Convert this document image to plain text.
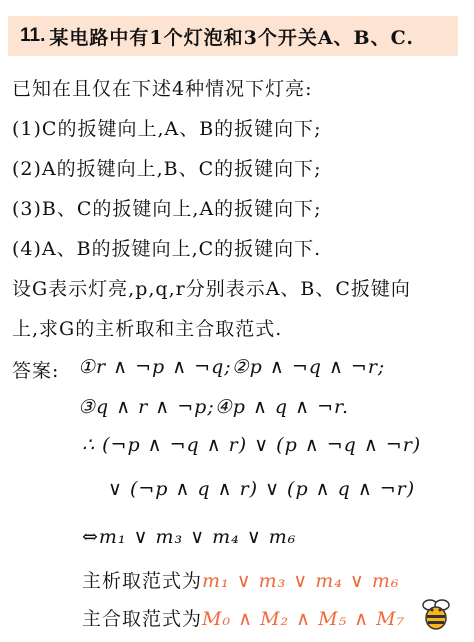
11. 某电路中有1个灯泡和3个开关A、B、C.
已知在且仅在下述4种情况下灯亮:
(1)C的扳键向上,A、B的扳键向下;
(2)A的扳键向上,B、C的扳键向下;
(3)B、C的扳键向上,A的扳键向下;
(4)A、B的扳键向上,C的扳键向下.
设G表示灯亮,p,q,r分别表示A、B、C扳键向
上,求G的主析取和主合取范式.
答案: ①r ∧ ¬p ∧ ¬q;②p ∧ ¬q ∧ ¬r;
③q ∧ r ∧ ¬p;④p ∧ q ∧ ¬r.
∴ (¬p ∧ ¬q ∧ r) ∨ (p ∧ ¬q ∧ ¬r)
∨ (¬p ∧ q ∧ r) ∨ (p ∧ q ∧ ¬r)
⇔m₁ ∨ m₃ ∨ m₄ ∨ m₆
主析取范式为m₁ ∨ m₃ ∨ m₄ ∨ m₆
主合取范式为M₀ ∧ M₂ ∧ M₅ ∧ M₇
